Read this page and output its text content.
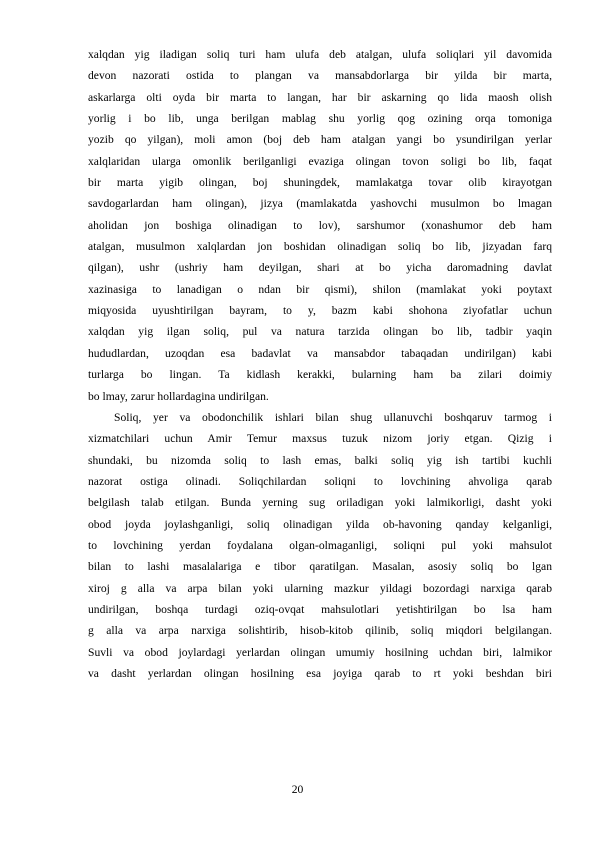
xalqdan yig iladigan soliq turi ham ulufa deb atalgan, ulufa soliqlari yil davomida
devon nazorati ostida to plangan va mansabdorlarga bir yilda bir marta,
askarlarga olti oyda bir marta to langan, har bir askarning qo lida maosh olish
yorlig i bo lib, unga berilgan mablag shu yorlig qog ozining orqa tomoniga
yozib qo yilgan), moli amon (boj deb ham atalgan yangi bo ysundirilgan yerlar
xalqlaridan ularga omonlik berilganligi evaziga olingan tovon soligi bo lib, faqat
bir marta yigib olingan, boj shuningdek, mamlakatga tovar olib kirayotgan
savdogarlardan ham olingan), jizya (mamlakatda yashovchi musulmon bo lmagan
aholidan jon boshiga olinadigan to lov), sarshumor (xonashumor deb ham
atalgan, musulmon xalqlardan jon boshidan olinadigan soliq bo lib, jizyadan farq
qilgan), ushr (ushriy ham deyilgan, shari at bo yicha daromadning davlat
xazinasiga to lanadigan o ndan bir qismi), shilon (mamlakat yoki poytaxt
miqyosida uyushtirilgan bayram, to y, bazm kabi shohona ziyofatlar uchun
xalqdan yig ilgan soliq, pul va natura tarzida olingan bo lib, tadbir yaqin
hududlardan, uzoqdan esa badavlat va mansabdor tabaqadan undirilgan) kabi
turlarga bo lingan. Ta kidlash kerakki, bularning ham ba zilari doimiy
bo lmay, zarur hollardagina undirilgan.
Soliq, yer va obodonchilik ishlari bilan shug ullanuvchi boshqaruv tarmog i
xizmatchilari uchun Amir Temur maxsus tuzuk nizom joriy etgan. Qizig i
shundaki, bu nizomda soliq to lash emas, balki soliq yig ish tartibi kuchli
nazorat ostiga olinadi. Soliqchilardan soliqni to lovchining ahvoliga qarab
belgilash talab etilgan. Bunda yerning sug oriladigan yoki lalmikorligi, dasht yoki
obod joyda joylashganligi, soliq olinadigan yilda ob-havoning qanday kelganligi,
to lovchining yerdan foydalana olgan-olmaganligi, soliqni pul yoki mahsulot
bilan to lashi masalalariga e tibor qaratilgan. Masalan, asosiy soliq bo lgan
xiroj g alla va arpa bilan yoki ularning mazkur yildagi bozordagi narxiga qarab
undirilgan, boshqa turdagi oziq-ovqat mahsulotlari yetishtirilgan bo lsa ham
g alla va arpa narxiga solishtirib, hisob-kitob qilinib, soliq miqdori belgilangan.
Suvli va obod joylardagi yerlardan olingan umumiy hosilning uchdan biri, lalmikor
va dasht yerlardan olingan hosilning esa joyiga qarab to rt yoki beshdan biri
20
